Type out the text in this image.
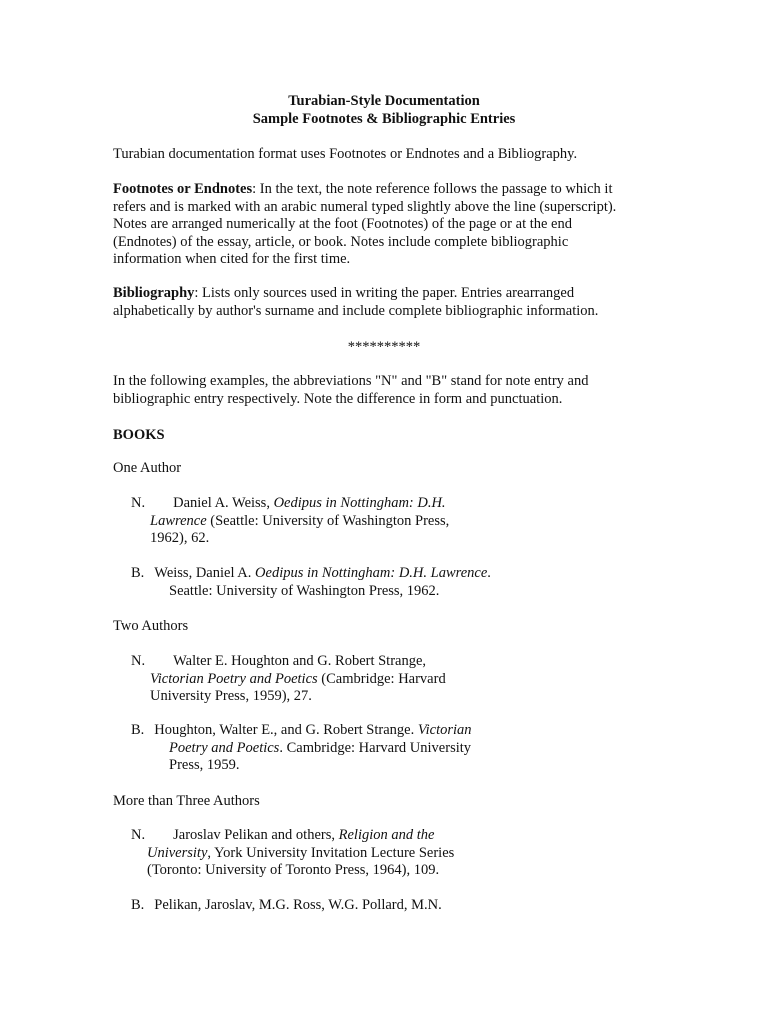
Turabian-Style Documentation
Sample Footnotes & Bibliographic Entries
Turabian documentation format uses Footnotes or Endnotes and a Bibliography.
Footnotes or Endnotes: In the text, the note reference follows the passage to which it
refers and is marked with an arabic numeral typed slightly above the line (superscript).
Notes are arranged numerically at the foot (Footnotes) of the page or at the end
(Endnotes) of the essay, article, or book. Notes include complete bibliographic
information when cited for the first time.
Bibliography: Lists only sources used in writing the paper. Entries arearranged
alphabetically by author's surname and include complete bibliographic information.
**********
In the following examples, the abbreviations "N" and "B" stand for note entry and
bibliographic entry respectively. Note the difference in form and punctuation.
BOOKS
One Author
N. Daniel A. Weiss, Oedipus in Nottingham: D.H.
Lawrence (Seattle: University of Washington Press,
1962), 62.
B. Weiss, Daniel A. Oedipus in Nottingham: D.H. Lawrence.
Seattle: University of Washington Press, 1962.
Two Authors
N. Walter E. Houghton and G. Robert Strange,
Victorian Poetry and Poetics (Cambridge: Harvard
University Press, 1959), 27.
B. Houghton, Walter E., and G. Robert Strange. Victorian
Poetry and Poetics. Cambridge: Harvard University
Press, 1959.
More than Three Authors
N. Jaroslav Pelikan and others, Religion and the
University, York University Invitation Lecture Series
(Toronto: University of Toronto Press, 1964), 109.
B. Pelikan, Jaroslav, M.G. Ross, W.G. Pollard, M.N.
